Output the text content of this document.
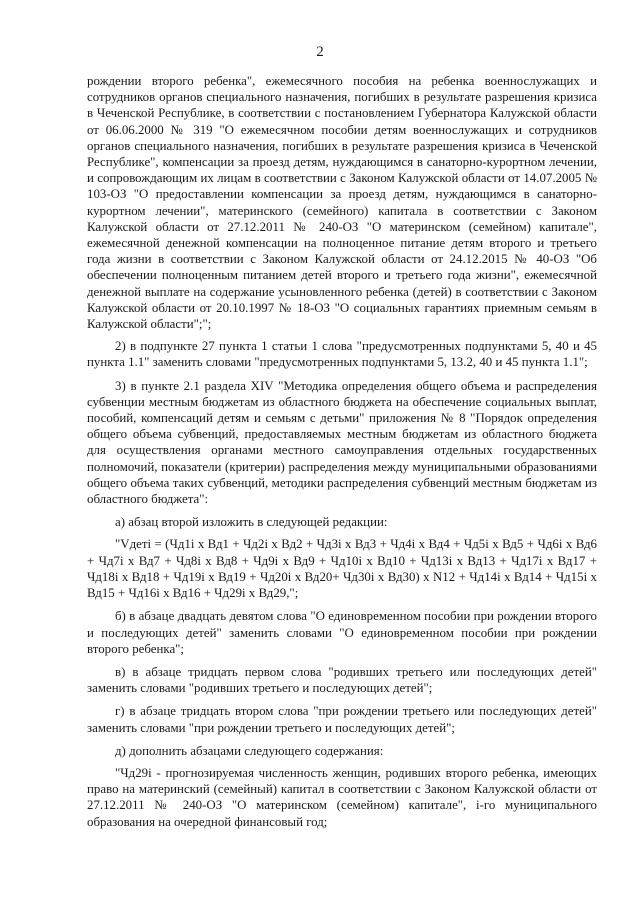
2

рождении второго ребенка", ежемесячного пособия на ребенка военнослужащих и сотрудников органов специального назначения, погибших в результате разрешения кризиса в Чеченской Республике, в соответствии с постановлением Губернатора Калужской области от 06.06.2000 № 319 "О ежемесячном пособии детям военнослужащих и сотрудников органов специального назначения, погибших в результате разрешения кризиса в Чеченской Республике", компенсации за проезд детям, нуждающимся в санаторно-курортном лечении, и сопровождающим их лицам в соответствии с Законом Калужской области от 14.07.2005 № 103-ОЗ "О предоставлении компенсации за проезд детям, нуждающимся в санаторно-курортном лечении", материнского (семейного) капитала в соответствии с Законом Калужской области от 27.12.2011 № 240-ОЗ "О материнском (семейном) капитале", ежемесячной денежной компенсации на полноценное питание детям второго и третьего года жизни в соответствии с Законом Калужской области от 24.12.2015 № 40-ОЗ "Об обеспечении полноценным питанием детей второго и третьего года жизни", ежемесячной денежной выплате на содержание усыновленного ребенка (детей) в соответствии с Законом Калужской области от 20.10.1997 № 18-ОЗ "О социальных гарантиях приемным семьям в Калужской области";";

2) в подпункте 27 пункта 1 статьи 1 слова "предусмотренных подпунктами 5, 40 и 45 пункта 1.1" заменить словами "предусмотренных подпунктами 5, 13.2, 40 и 45 пункта 1.1";

3) в пункте 2.1 раздела XIV "Методика определения общего объема и распределения субвенции местным бюджетам из областного бюджета на обеспечение социальных выплат, пособий, компенсаций детям и семьям с детьми" приложения № 8 "Порядок определения общего объема субвенций, предоставляемых местным бюджетам из областного бюджета для осуществления органами местного самоуправления отдельных государственных полномочий, показатели (критерии) распределения между муниципальными образованиями общего объема таких субвенций, методики распределения субвенций местным бюджетам из областного бюджета":

а) абзац второй изложить в следующей редакции:

"Vдеті = (Чд1і х Вд1 + Чд2і х Вд2 + Чд3і х Вд3 + Чд4і х Вд4 + Чд5і х Вд5 + Чд6і х Вд6 + Чд7і х Вд7 + Чд8і х Вд8 + Чд9і х Вд9 + Чд10і х Вд10 + Чд13і х Вд13 + Чд17і х Вд17 + Чд18і х Вд18 + Чд19і х Вд19 + Чд20і х Вд20+ Чд30і х Вд30) х N12 + Чд14і х Вд14 + Чд15і х Вд15 + Чд16і х Вд16 + Чд29і х Вд29,";

б) в абзаце двадцать девятом слова "О единовременном пособии при рождении второго и последующих детей" заменить словами "О единовременном пособии при рождении второго ребенка";

в) в абзаце тридцать первом слова "родивших третьего или последующих детей" заменить словами "родивших третьего и последующих детей";

г) в абзаце тридцать втором слова "при рождении третьего или последующих детей" заменить словами "при рождении третьего и последующих детей";

д) дополнить абзацами следующего содержания:

"Чд29і - прогнозируемая численность женщин, родивших второго ребенка, имеющих право на материнский (семейный) капитал в соответствии с Законом Калужской области от 27.12.2011 № 240-ОЗ "О материнском (семейном) капитале", і-го муниципального образования на очередной финансовый год;
